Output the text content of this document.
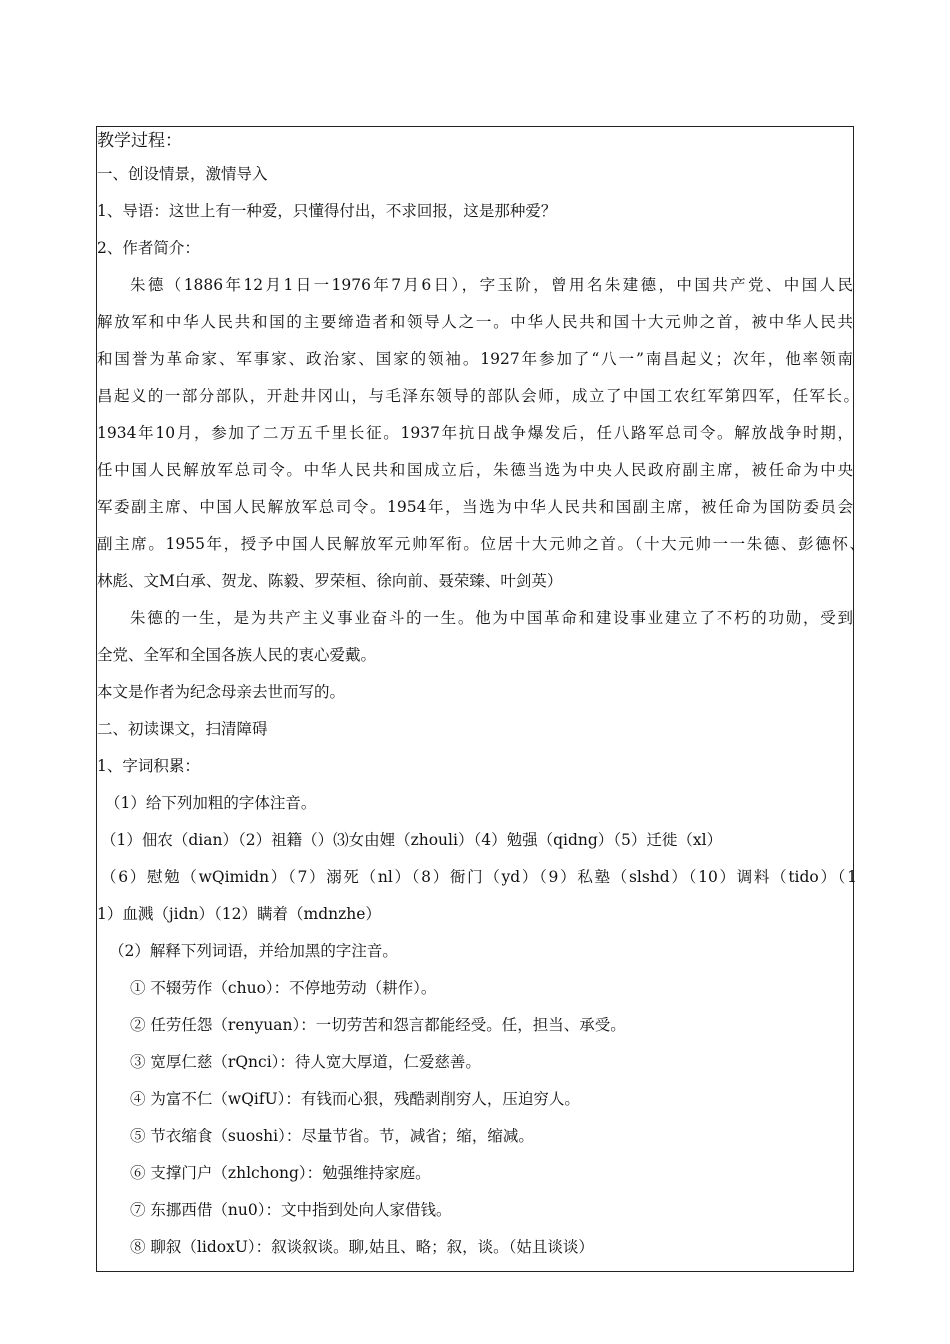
教学过程：
一、创设情景，激情导入
1、导语：这世上有一种爱，只懂得付出，不求回报，这是那种爱？
2、作者简介：
朱德（1886年12月1日一1976年7月6日），字玉阶，曾用名朱建德，中国共产党、中国人民
解放军和中华人民共和国的主要缔造者和领导人之一。中华人民共和国十大元帅之首，被中华人民共
和国誉为革命家、军事家、政治家、国家的领袖。1927年参加了“八一”南昌起义；次年，他率领南
昌起义的一部分部队，开赴井冈山，与毛泽东领导的部队会师，成立了中国工农红军第四军，任军长。
1934年10月，参加了二万五千里长征。1937年抗日战争爆发后，任八路军总司令。解放战争时期，
任中国人民解放军总司令。中华人民共和国成立后，朱德当选为中央人民政府副主席，被任命为中央
军委副主席、中国人民解放军总司令。1954年，当选为中华人民共和国副主席，被任命为国防委员会
副主席。1955年，授予中国人民解放军元帅军衔。位居十大元帅之首。（十大元帅一一朱德、彭德怀、
林彪、文M白承、贺龙、陈毅、罗荣桓、徐向前、聂荣臻、叶剑英）
朱德的一生，是为共产主义事业奋斗的一生。他为中国革命和建设事业建立了不朽的功勋，受到
全党、全军和全国各族人民的衷心爱戴。
本文是作者为纪念母亲去世而写的。
二、初读课文，扫清障碍
1、字词积累：
（1）给下列加粗的字体注音。
（1）佃农（dian）（2）祖籍（）⑶女由娌（zhouli）（4）勉强（qidng）（5）迁徙（xl）
（6）慰勉（wQimidn）（7）溺死（nl）（8）衙门（yd）（9）私塾（slshd）（10）调料（tido）（1
1）血溅（jidn）（12）瞒着（mdnzhe）
（2）解释下列词语，并给加黑的字注音。
① 不辍劳作（chuo）：不停地劳动（耕作）。
② 任劳任怨（renyuan）：一切劳苦和怨言都能经受。任，担当、承受。
③ 宽厚仁慈（rQnci）：待人宽大厚道，仁爱慈善。
④ 为富不仁（wQifU）：有钱而心狠，残酷剥削穷人，压迫穷人。
⑤ 节衣缩食（suoshi）：尽量节省。节，减省；缩，缩减。
⑥ 支撑门户（zhlchong）：勉强维持家庭。
⑦ 东挪西借（nu0）：文中指到处向人家借钱。
⑧ 聊叙（lidoxU）：叙谈叙谈。聊,姑且、略；叙，谈。（姑且谈谈）
